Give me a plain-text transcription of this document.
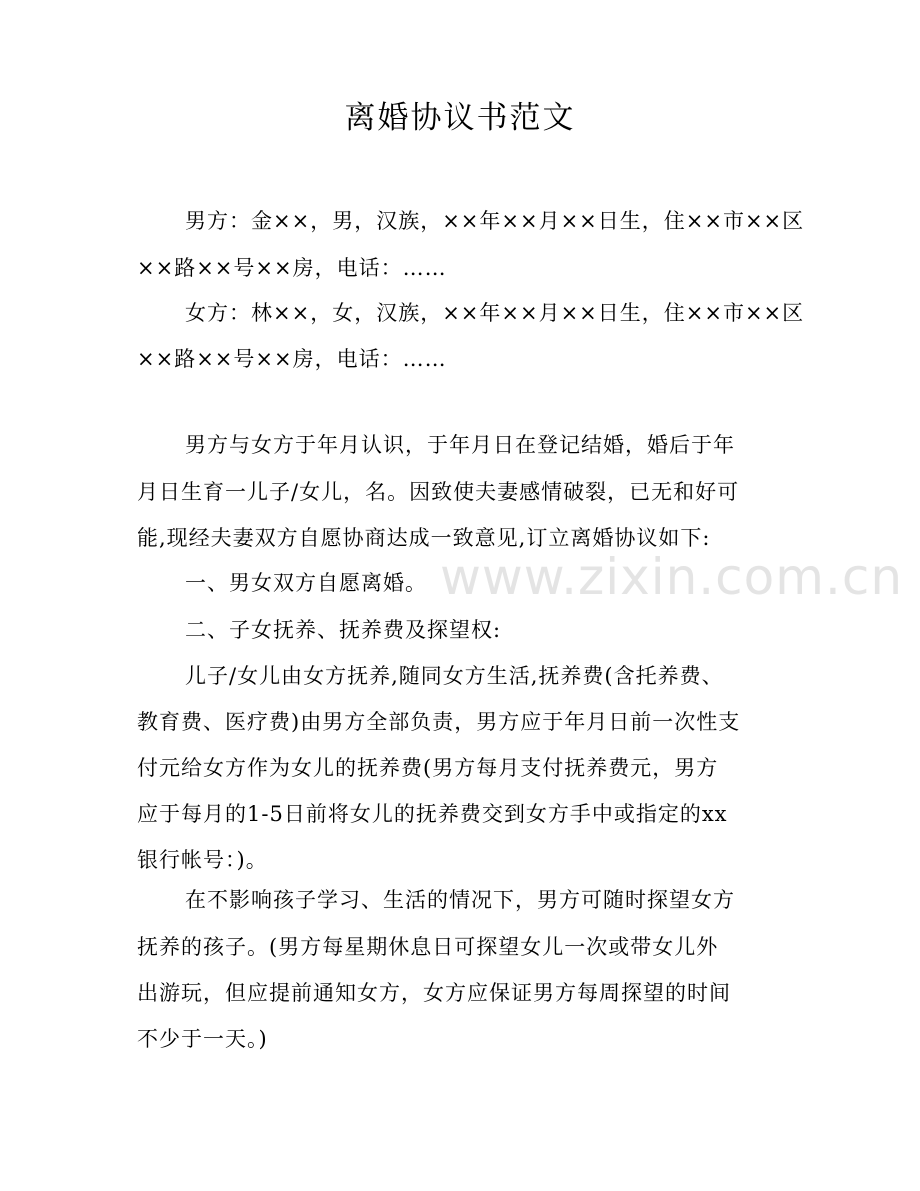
离婚协议书范文
www.zixin.com.cn
男方：金××，男，汉族，××年××月××日生，住××市××区
××路××号××房，电话：……
女方：林××，女，汉族，××年××月××日生，住××市××区
××路××号××房，电话：……
男方与女方于年月认识，于年月日在登记结婚，婚后于年
月日生育一儿子/女儿，名。因致使夫妻感情破裂，已无和好可
能,现经夫妻双方自愿协商达成一致意见,订立离婚协议如下:
一、男女双方自愿离婚。
二、子女抚养、抚养费及探望权:
儿子/女儿由女方抚养,随同女方生活,抚养费(含托养费、
教育费、医疗费)由男方全部负责，男方应于年月日前一次性支
付元给女方作为女儿的抚养费(男方每月支付抚养费元，男方
应于每月的1-5日前将女儿的抚养费交到女方手中或指定的xx
银行帐号：)。
在不影响孩子学习、生活的情况下，男方可随时探望女方
抚养的孩子。(男方每星期休息日可探望女儿一次或带女儿外
出游玩，但应提前通知女方，女方应保证男方每周探望的时间
不少于一天。)
